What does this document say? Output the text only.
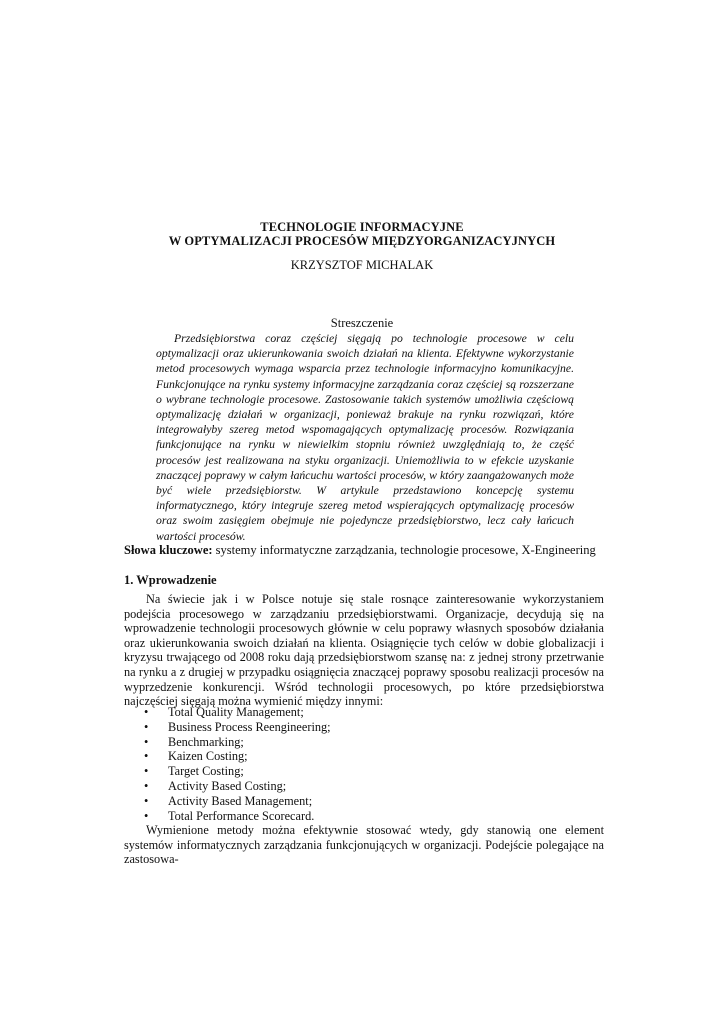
TECHNOLOGIE INFORMACYJNE
W OPTYMALIZACJI PROCESÓW MIĘDZYORGANIZACYJNYCH
KRZYSZTOF MICHALAK
Streszczenie

Przedsiębiorstwa coraz częściej sięgają po technologie procesowe w celu optymalizacji oraz ukierunkowania swoich działań na klienta. Efektywne wykorzystanie metod procesowych wymaga wsparcia przez technologie informacyjno komunikacyjne. Funkcjonujące na rynku systemy informacyjne zarządzania coraz częściej są rozszerzane o wybrane technologie procesowe. Zastosowanie takich systemów umożliwia częściową optymalizację działań w organizacji, ponieważ brakuje na rynku rozwiązań, które integrowałyby szereg metod wspomagających optymalizację procesów. Rozwiązania funkcjonujące na rynku w niewielkim stopniu również uwzględniają to, że część procesów jest realizowana na styku organizacji. Uniemożliwia to w efekcie uzyskanie znaczącej poprawy w całym łańcuchu wartości procesów, w który zaangażowanych może być wiele przedsiębiorstw. W artykule przedstawiono koncepcję systemu informatycznego, który integruje szereg metod wspierających optymalizację procesów oraz swoim zasięgiem obejmuje nie pojedyncze przedsiębiorstwo, lecz cały łańcuch wartości procesów.

Słowa kluczowe: systemy informatyczne zarządzania, technologie procesowe, X-Engineering

1. Wprowadzenie

Na świecie jak i w Polsce notuje się stale rosnące zainteresowanie wykorzystaniem podejścia procesowego w zarządzaniu przedsiębiorstwami. Organizacje, decydują się na wprowadzenie technologii procesowych głównie w celu poprawy własnych sposobów działania oraz ukierunkowania swoich działań na klienta. Osiągnięcie tych celów w dobie globalizacji i kryzysu trwającego od 2008 roku dają przedsiębiorstwom szansę na: z jednej strony przetrwanie na rynku a z drugiej w przypadku osiągnięcia znaczącej poprawy sposobu realizacji procesów na wyprzedzenie konkurencji. Wśród technologii procesowych, po które przedsiębiorstwa najczęściej sięgają można wymienić między innymi:

• Total Quality Management;
• Business Process Reengineering;
• Benchmarking;
• Kaizen Costing;
• Target Costing;
• Activity Based Costing;
• Activity Based Management;
• Total Performance Scorecard.

Wymienione metody można efektywnie stosować wtedy, gdy stanowią one element systemów informatycznych zarządzania funkcjonujących w organizacji. Podejście polegające na zastosowa-
